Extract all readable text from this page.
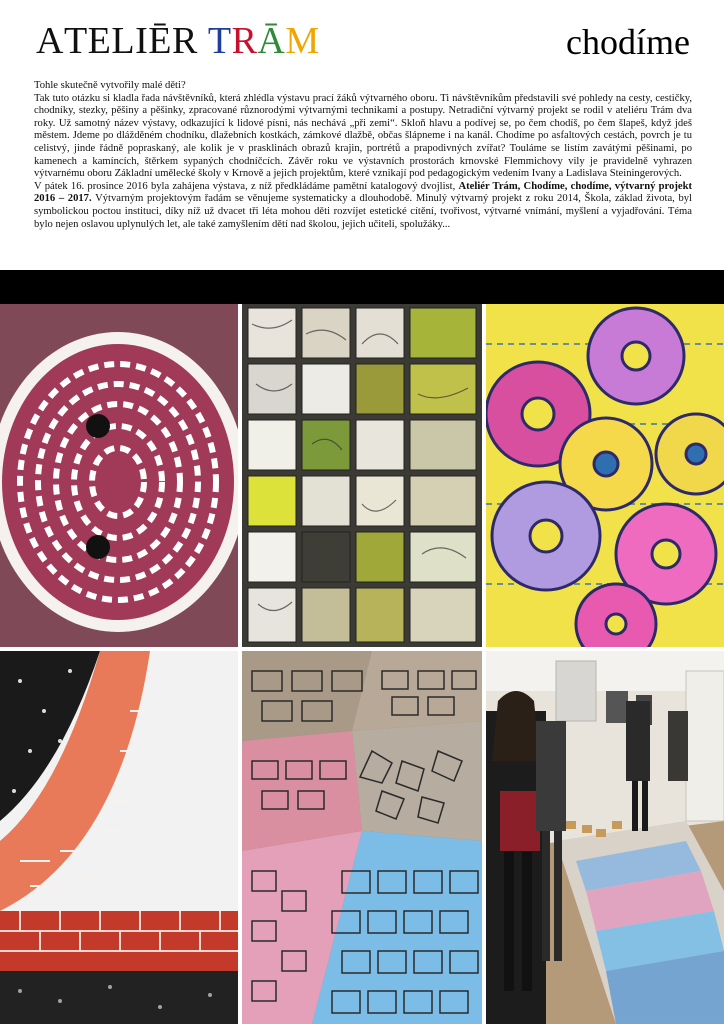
ATELIĒR TRĀM	chodíme

Tohle skutečně vytvořily malé děti?

Tak tuto otázku si kladla řada návštěvníků, která zhlédla výstavu prací žáků výtvarného oboru. Ti návštěvníkům představili své pohledy na cesty, cestičky, chodníky, stezky, pěšiny a pěšinky, zpracované různorodými výtvarnými technikami a postupy. Netradiční výtvarný projekt se rodil v ateliéru Trám dva roky. Už samotný název výstavy, odkazující k lidové písni, nás nechává „při zemi“. Skloň hlavu a podívej se, po čem chodíš, po čem šlapeš, když jdeš městem. Jdeme po dlážděném chodníku, dlažebních kostkách, zámkové dlažbě, občas šlápneme i na kanál. Chodíme po asfaltových cestách, povrch je tu celistvý, jinde řádně popraskaný, ale kolik je v prasklinách obrazů krajin, portrétů a prapodivných zvířat? Touláme se listím zavátými pěšinami, po kamenech a kamíncích, štěrkem sypaných chodníčcích. Závěr roku ve výstavních prostorách krnovské Flemmichovy vily je pravidelně vyhrazen výtvarnému oboru Základní umělecké školy v Krnově a jejich projektům, které vznikají pod pedagogickým vedením Ivany a Ladislava Steiningerových.

V pátek 16. prosince 2016 byla zahájena výstava, z níž předkládáme pamětní katalogový dvojlist, Ateliér Trám, Chodíme, chodíme, výtvarný projekt 2016 – 2017. Výtvarným projektovým řadám se věnujeme systematicky a dlouhodobě. Minulý výtvarný projekt z roku 2014, Škola, základ života, byl symbolickou poctou instituci, díky níž už dvacet tři léta mohou děti rozvíjet estetické cítění, tvořivost, výtvarné vnímání, myšlení a vyjadřování. Téma bylo nejen oslavou uplynulých let, ale také zamyšlením dětí nad školou, jejich učiteli, spolužáky...
